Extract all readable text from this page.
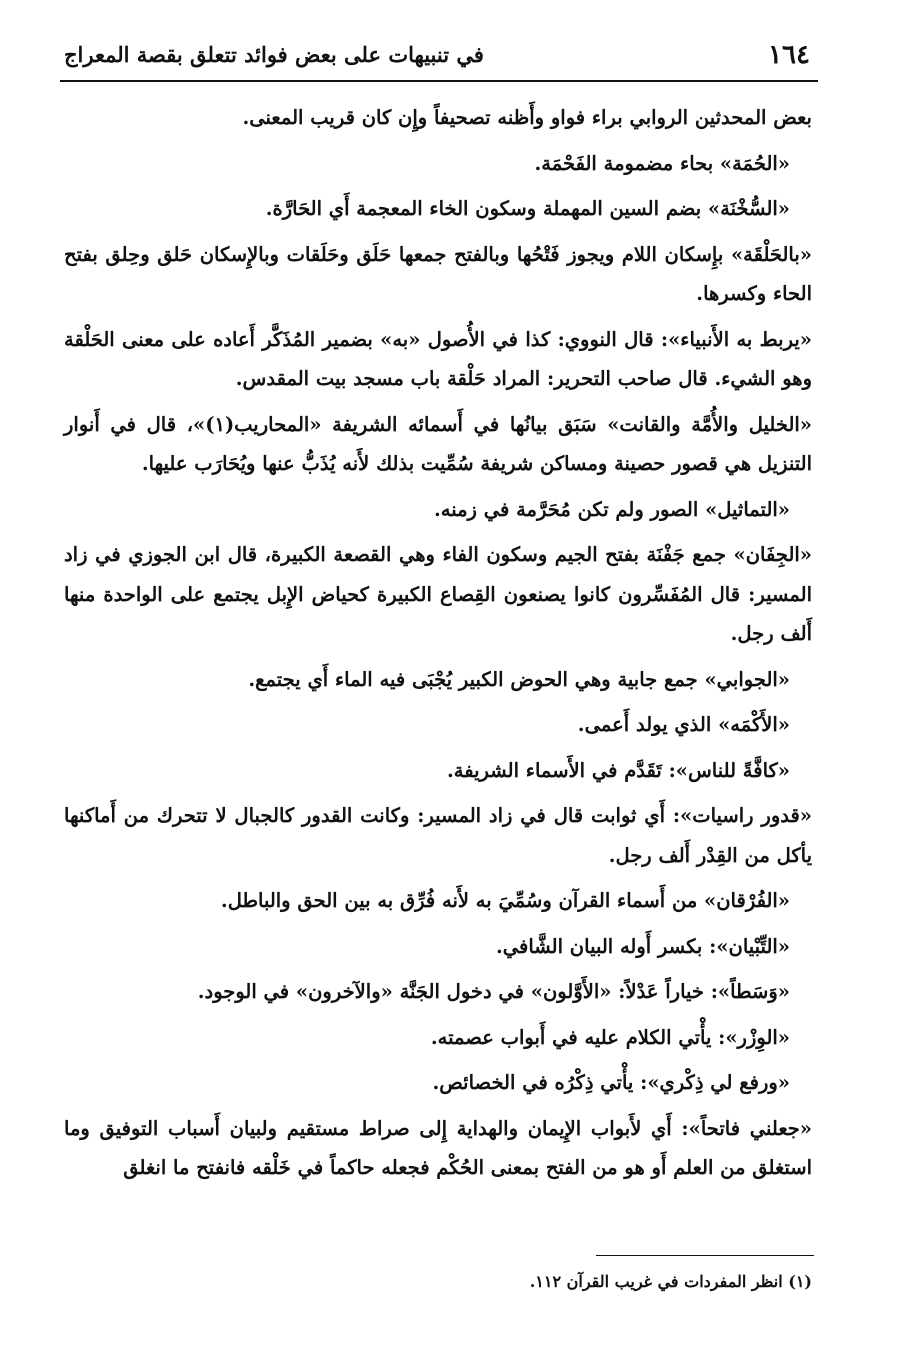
١٦٤
في تنبيهات على بعض فوائد تتعلق بقصة المعراج

بعض المحدثين الروابي براء فواو وأَظنه تصحيفاً وإِن كان قريب المعنى.

«الحُمَة» بحاء مضمومة الفَحْمَة.

«السُّخْنَة» بضم السين المهملة وسكون الخاء المعجمة أَي الحَارَّة.

«بالحَلْقَة» بإِسكان اللام ويجوز فَتْحُها وبالفتح جمعها حَلَق وحَلَقات وبالإِسكان حَلق وحِلق بفتح الحاء وكسرها.

«يربط به الأَنبياء»: قال النووي: كذا في الأُصول «به» بضمير المُذَكَّر أَعاده على معنى الحَلْقة وهو الشيء. قال صاحب التحرير: المراد حَلْقة باب مسجد بيت المقدس.

«الخليل والأُمَّة والقانت» سَبَق بيانُها في أَسمائه الشريفة «المحاريب(١)»، قال في أَنوار التنزيل هي قصور حصينة ومساكن شريفة سُمِّيت بذلك لأَنه يُذَبُّ عنها ويُحَارَب عليها.

«التماثيل» الصور ولم تكن مُحَرَّمة في زمنه.

«الجِفَان» جمع جَفْنَة بفتح الجيم وسكون الفاء وهي القصعة الكبيرة، قال ابن الجوزي في زاد المسير: قال المُفَسِّرون كانوا يصنعون القِصاع الكبيرة كحياض الإِبل يجتمع على الواحدة منها أَلف رجل.

«الجوابي» جمع جابية وهي الحوض الكبير يُجْبَى فيه الماء أَي يجتمع.

«الأَكْمَه» الذي يولد أَعمى.

«كافَّةً للناس»: تَقَدَّم في الأَسماء الشريفة.

«قدور راسيات»: أَي ثوابت قال في زاد المسير: وكانت القدور كالجبال لا تتحرك من أَماكنها يأكل من القِدْر أَلف رجل.

«الفُرْقان» من أَسماء القرآن وسُمِّيَ به لأَنه فُرِّق به بين الحق والباطل.

«التِّبْيان»: بكسر أَوله البيان الشَّافي.

«وَسَطاً»: خياراً عَدْلاً: «الأَوَّلون» في دخول الجَنَّة «والآخرون» في الوجود.

«الوِزْر»: يأْتي الكلام عليه في أَبواب عصمته.

«ورفع لي ذِكْري»: يأْتي ذِكْرُه في الخصائص.

«جعلني فاتحاً»: أَي لأَبواب الإِيمان والهداية إِلى صراط مستقيم ولبيان أَسباب التوفيق وما استغلق من العلم أَو هو من الفتح بمعنى الحُكْم فجعله حاكماً في خَلْقه فانفتح ما انغلق

(١) انظر المفردات في غريب القرآن ١١٢.
